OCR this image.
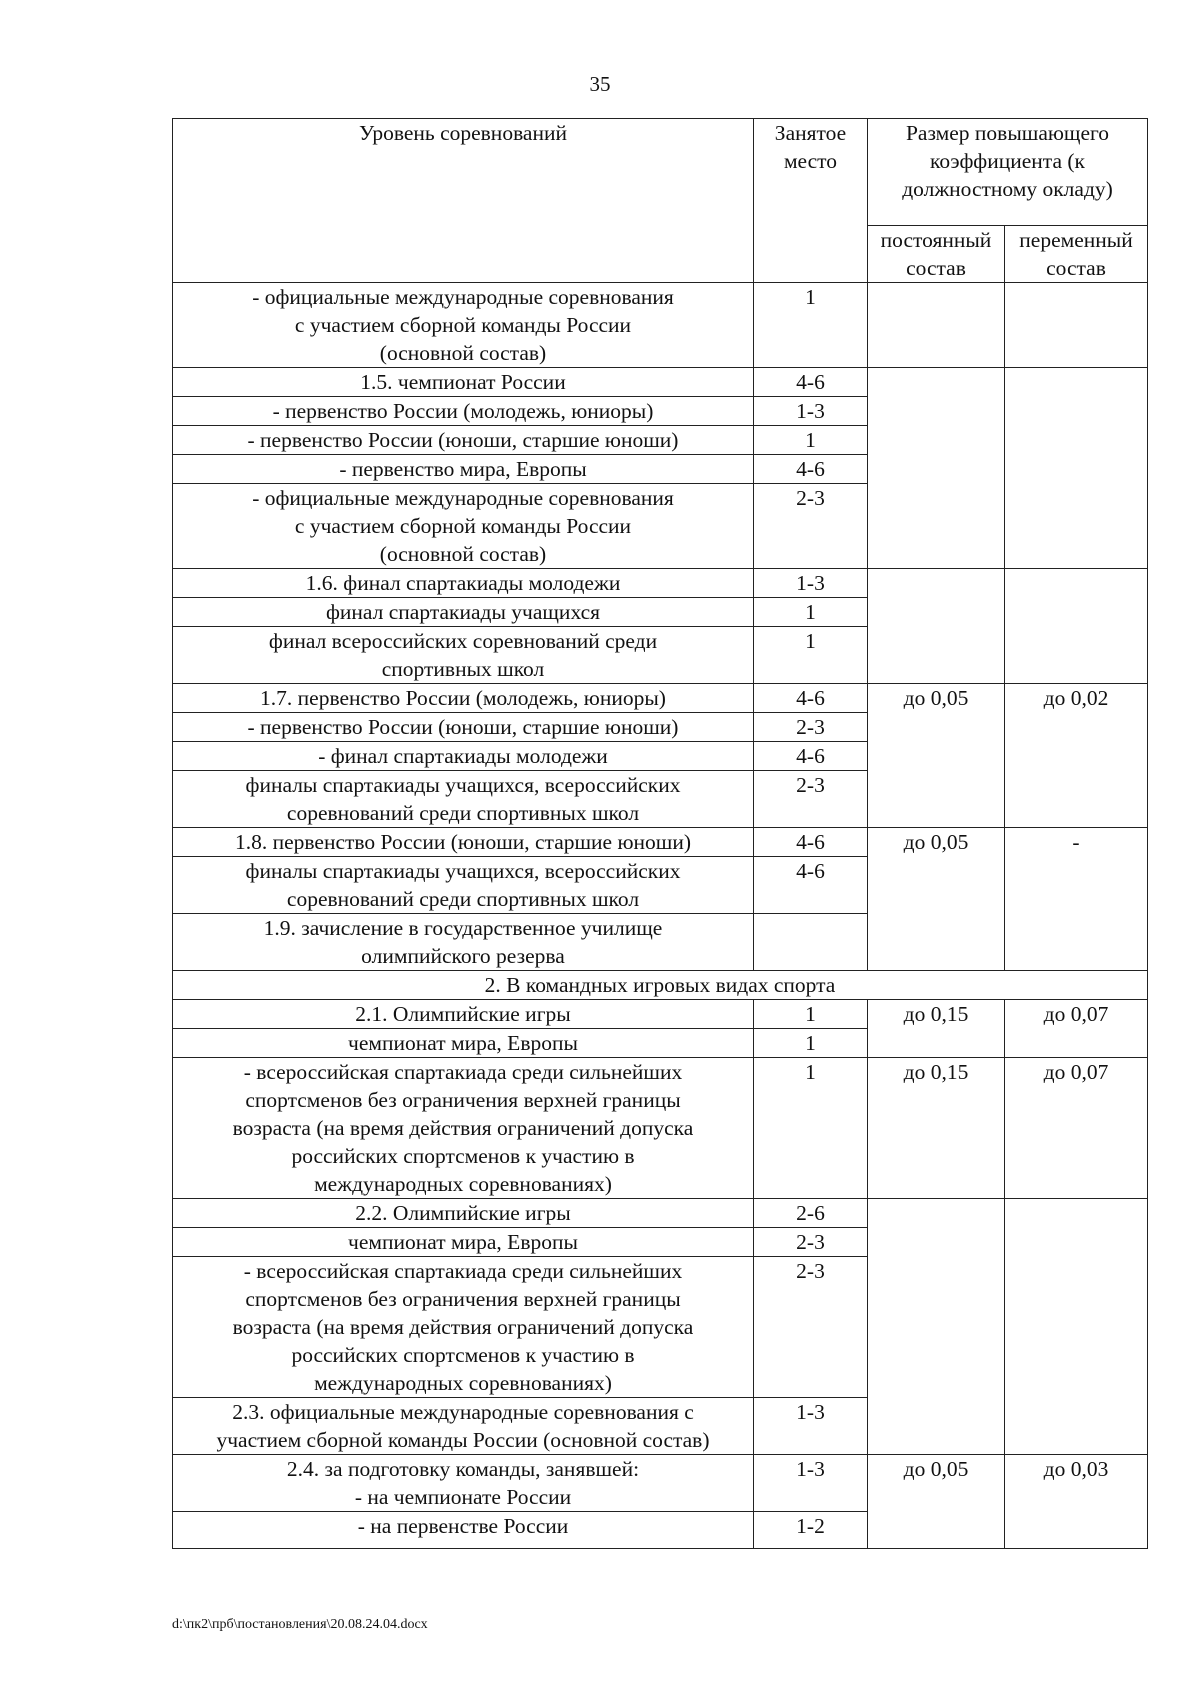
35
Уровень соревнований	Занятое место	Размер повышающего коэффициента (к должностному окладу)	
		постоянный состав	переменный состав
- официальные международные соревнования
с участием сборной команды России
(основной состав)	1		
1.5. чемпионат России	4-6		
- первенство России (молодежь, юниоры)	1-3		
- первенство России (юноши, старшие юноши)	1		
- первенство мира, Европы	4-6		
- официальные международные соревнования
с участием сборной команды России
(основной состав)	2-3		
1.6. финал спартакиады молодежи	1-3		
финал спартакиады учащихся	1		
финал всероссийских соревнований среди
спортивных школ	1		
1.7. первенство России (молодежь, юниоры)	4-6	до 0,05	до 0,02
- первенство России (юноши, старшие юноши)	2-3		
- финал спартакиады молодежи	4-6		
финалы спартакиады учащихся, всероссийских
соревнований среди спортивных школ	2-3		
1.8. первенство России (юноши, старшие юноши)	4-6	до 0,05	-
финалы спартакиады учащихся, всероссийских
соревнований среди спортивных школ	4-6		
1.9. зачисление в государственное училище
олимпийского резерва			
2. В командных игровых видах спорта			
2.1. Олимпийские игры	1	до 0,15	до 0,07
чемпионат мира, Европы	1		
- всероссийская спартакиада среди сильнейших
спортсменов без ограничения верхней границы
возраста (на время действия ограничений допуска
российских спортсменов к участию в
международных соревнованиях)	1	до 0,15	до 0,07
2.2. Олимпийские игры	2-6		
чемпионат мира, Европы	2-3		
- всероссийская спартакиада среди сильнейших
спортсменов без ограничения верхней границы
возраста (на время действия ограничений допуска
российских спортсменов к участию в
международных соревнованиях)	2-3		
2.3. официальные международные соревнования с
участием сборной команды России (основной состав)	1-3		
2.4. за подготовку команды, занявшей:
- на чемпионате России	1-3	до 0,05	до 0,03
- на первенстве России	1-2		
d:\пк2\прб\постановления\20.08.24.04.docx
